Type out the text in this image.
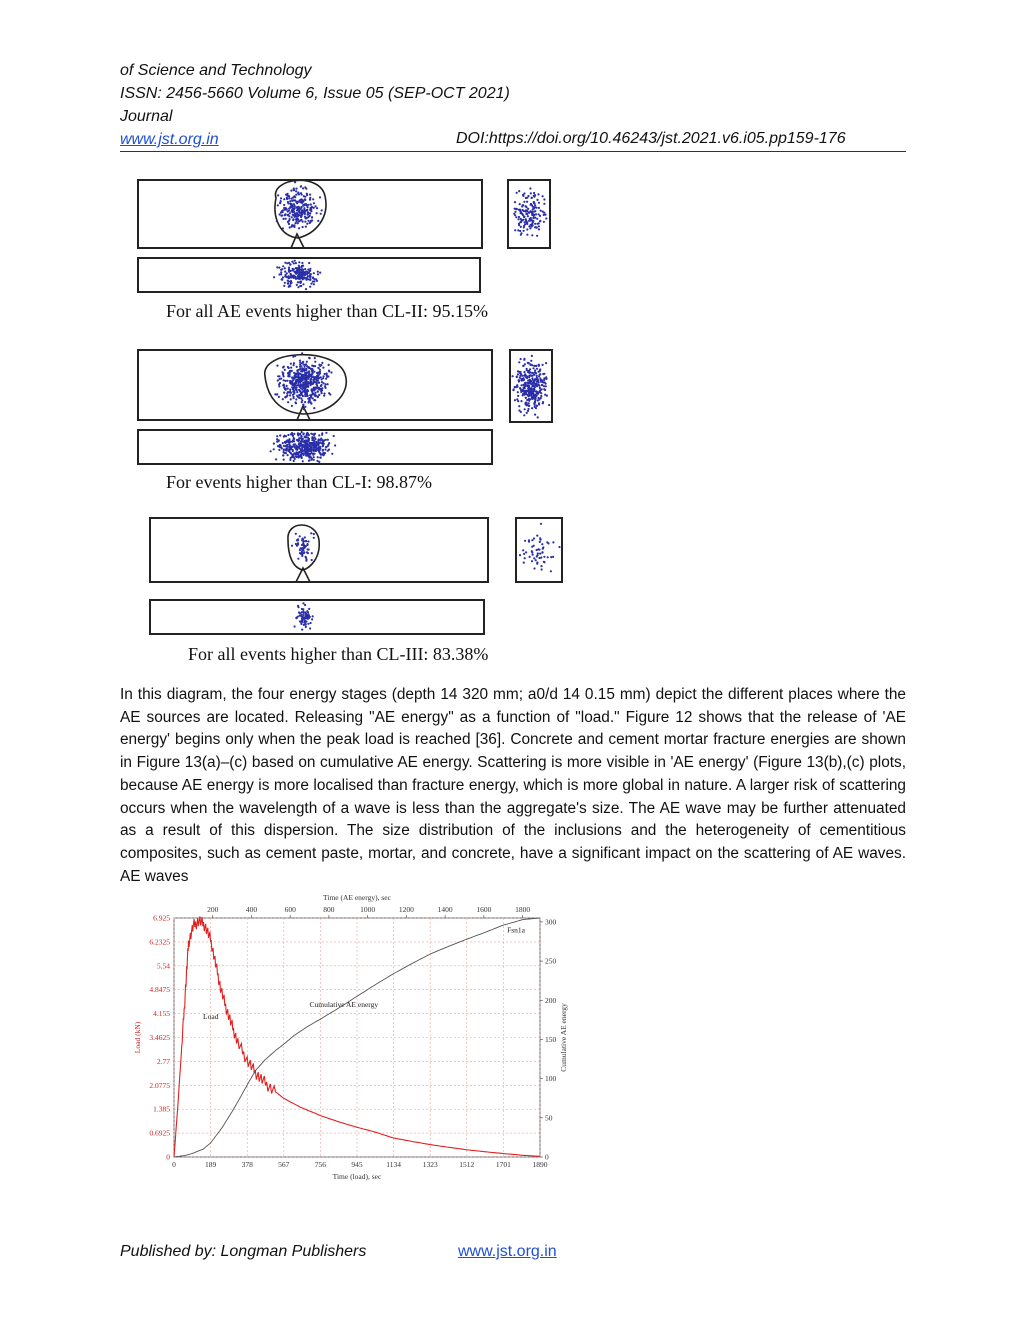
of Science and Technology
ISSN: 2456-5660 Volume 6, Issue 05 (SEP-OCT 2021)
Journal
www.jst.org.in	DOI:https://doi.org/10.46243/jst.2021.v6.i05.pp159-176
For all AE events higher than CL-II: 95.15%
For events higher than CL-I: 98.87%
For all events higher than CL-III: 83.38%
In this diagram, the four energy stages (depth 14 320 mm; a0/d 14 0.15 mm) depict the different places where the AE sources are located. Releasing "AE energy" as a function of "load." Figure 12 shows that the release of 'AE energy' begins only when the peak load is reached [36]. Concrete and cement mortar fracture energies are shown in Figure 13(a)–(c) based on cumulative AE energy. Scattering is more visible in 'AE energy' (Figure 13(b),(c) plots, because AE energy is more localised than fracture energy, which is more global in nature. A larger risk of scattering occurs when the wavelength of a wave is less than the aggregate's size. The AE wave may be further attenuated as a result of this dispersion. The size distribution of the inclusions and the heterogeneity of cementitious composites, such as cement paste, mortar, and concrete, have a significant impact on the scattering of AE waves. AE waves
0	189	378	567	756	945	1134	1323	1512	1701	1890
0
0.6925
1.385
2.0775
2.77
3.4625
4.155
4.8475
5.54
6.2325
6.925
0
50
100
150
200
250
300
200	400	600	800	1000	1200	1400	1600	1800
Time (AE energy), sec
Time (load), sec
Load (kN)	Cumulative AE energy
Load
Cumulative AE energy
Fsn1a
Published by: Longman Publishers	www.jst.org.in
